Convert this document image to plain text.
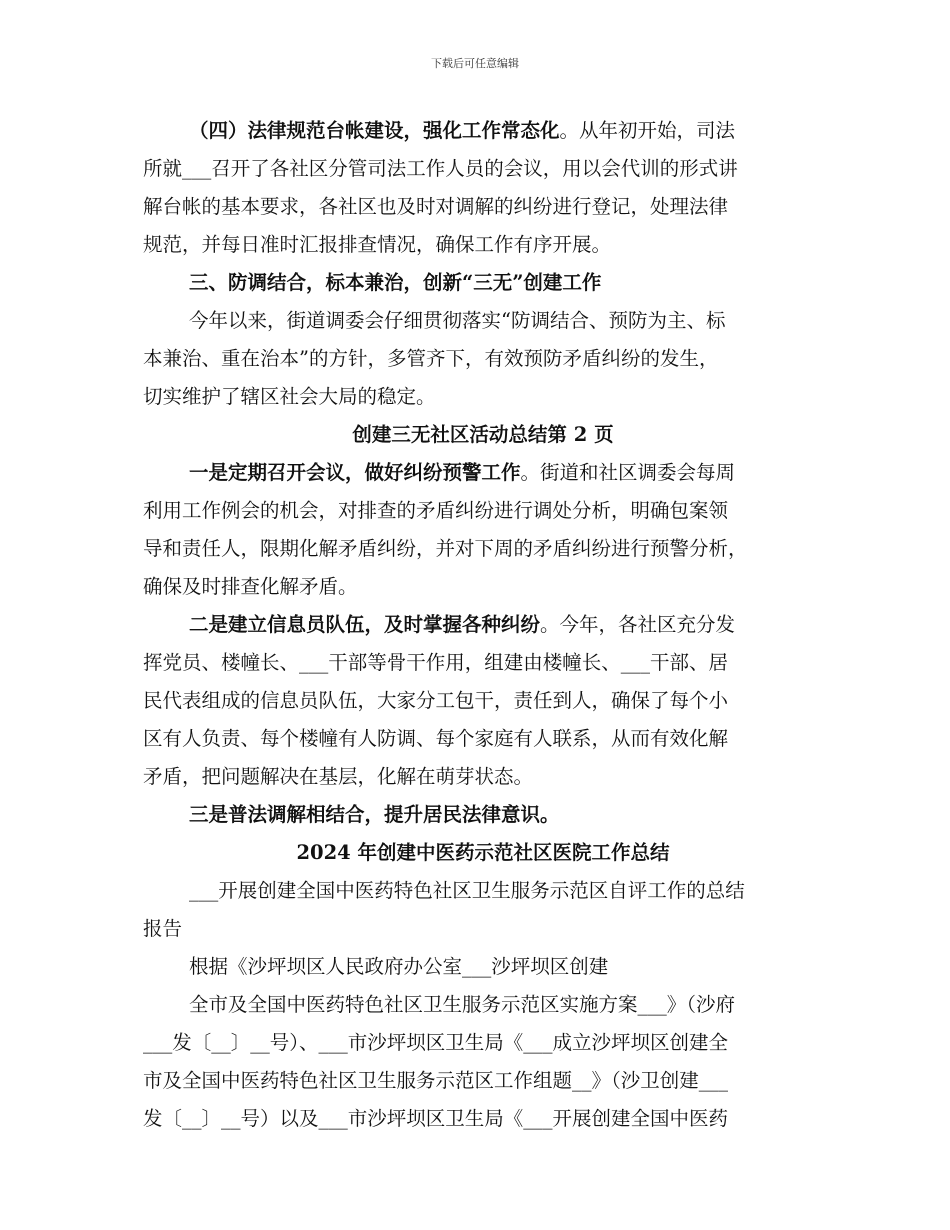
下载后可任意编辑
（四）法律规范台帐建设，强化工作常态化。从年初开始，司法
所就___召开了各社区分管司法工作人员的会议，用以会代训的形式讲
解台帐的基本要求，各社区也及时对调解的纠纷进行登记，处理法律
规范，并每日准时汇报排查情况，确保工作有序开展。
三、防调结合，标本兼治，创新“三无”创建工作
今年以来，街道调委会仔细贯彻落实“防调结合、预防为主、标
本兼治、重在治本”的方针，多管齐下，有效预防矛盾纠纷的发生，
切实维护了辖区社会大局的稳定。
创建三无社区活动总结第 2 页
一是定期召开会议，做好纠纷预警工作。街道和社区调委会每周
利用工作例会的机会，对排查的矛盾纠纷进行调处分析，明确包案领
导和责任人，限期化解矛盾纠纷，并对下周的矛盾纠纷进行预警分析，
确保及时排查化解矛盾。
二是建立信息员队伍，及时掌握各种纠纷。今年，各社区充分发
挥党员、楼幢长、___干部等骨干作用，组建由楼幢长、___干部、居
民代表组成的信息员队伍，大家分工包干，责任到人，确保了每个小
区有人负责、每个楼幢有人防调、每个家庭有人联系，从而有效化解
矛盾，把问题解决在基层，化解在萌芽状态。
三是普法调解相结合，提升居民法律意识。
2024 年创建中医药示范社区医院工作总结
___开展创建全国中医药特色社区卫生服务示范区自评工作的总结
报告
根据《沙坪坝区人民政府办公室___沙坪坝区创建
全市及全国中医药特色社区卫生服务示范区实施方案___》（沙府
___发〔__〕__号）、___市沙坪坝区卫生局《___成立沙坪坝区创建全
市及全国中医药特色社区卫生服务示范区工作组题__》（沙卫创建___
发〔__〕__号）以及___市沙坪坝区卫生局《___开展创建全国中医药
